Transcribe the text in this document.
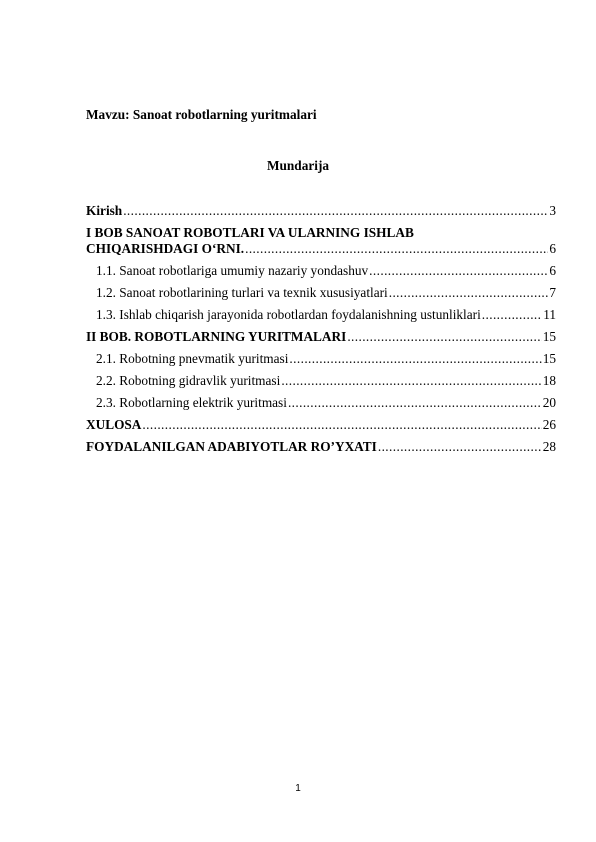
Mavzu: Sanoat robotlarning yuritmalari
Mundarija
Kirish .....	3
I BOB SANOAT ROBOTLARI VA ULARNING ISHLAB
CHIQARISHDAGI O‘RNI. .....	6
1.1. Sanoat robotlariga umumiy nazariy yondashuv .....	6
1.2. Sanoat robotlarining turlari va texnik xususiyatlari .....	7
1.3. Ishlab chiqarish jarayonida robotlardan foydalanishning ustunliklari .....	11
II BOB. ROBOTLARNING YURITMALARI .....	15
2.1. Robotning pnevmatik yuritmasi .....	15
2.2. Robotning gidravlik yuritmasi .....	18
2.3. Robotlarning elektrik yuritmasi .....	20
XULOSA .....	26
FOYDALANILGAN ADABIYOTLAR RO’YXATI .....	28
1
